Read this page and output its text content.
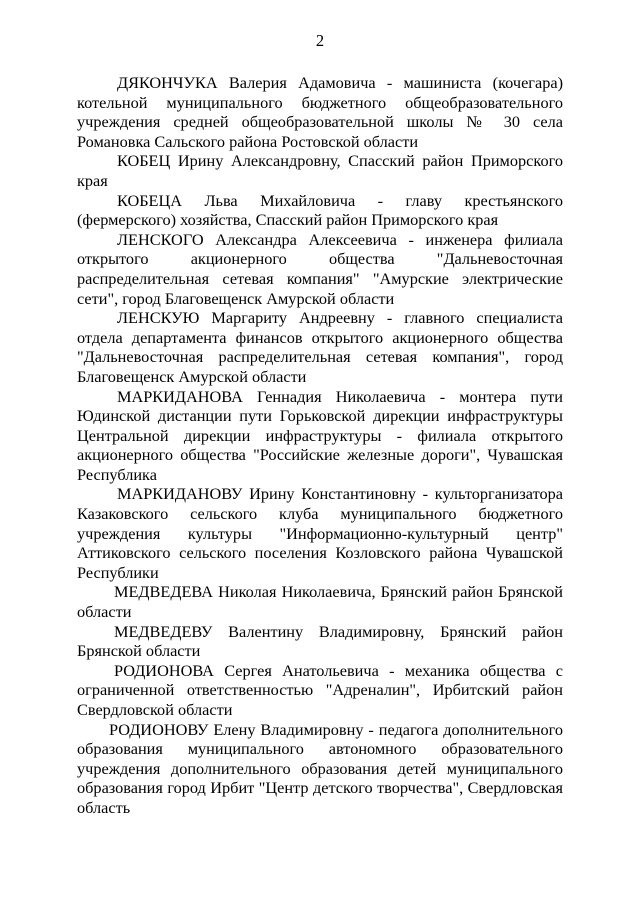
2

ДЯКОНЧУКА Валерия Адамовича - машиниста (кочегара) котельной муниципального бюджетного общеобразовательного учреждения средней общеобразовательной школы № 30 села Романовка Сальского района Ростовской области

КОБЕЦ Ирину Александровну, Спасский район Приморского края

КОБЕЦА Льва Михайловича - главу крестьянского (фермерского) хозяйства, Спасский район Приморского края

ЛЕНСКОГО Александра Алексеевича - инженера филиала открытого акционерного общества "Дальневосточная распределительная сетевая компания" "Амурские электрические сети", город Благовещенск Амурской области

ЛЕНСКУЮ Маргариту Андреевну - главного специалиста отдела департамента финансов открытого акционерного общества "Дальневосточная распределительная сетевая компания", город Благовещенск Амурской области

МАРКИДАНОВА Геннадия Николаевича - монтера пути Юдинской дистанции пути Горьковской дирекции инфраструктуры Центральной дирекции инфраструктуры - филиала открытого акционерного общества "Российские железные дороги", Чувашская Республика

МАРКИДАНОВУ Ирину Константиновну - культорганизатора Казаковского сельского клуба муниципального бюджетного учреждения культуры "Информационно-культурный центр" Аттиковского сельского поселения Козловского района Чувашской Республики

МЕДВЕДЕВА Николая Николаевича, Брянский район Брянской области

МЕДВЕДЕВУ Валентину Владимировну, Брянский район Брянской области

РОДИОНОВА Сергея Анатольевича - механика общества с ограниченной ответственностью "Адреналин", Ирбитский район Свердловской области

РОДИОНОВУ Елену Владимировну - педагога дополнительного образования муниципального автономного образовательного учреждения дополнительного образования детей муниципального образования город Ирбит "Центр детского творчества", Свердловская область
